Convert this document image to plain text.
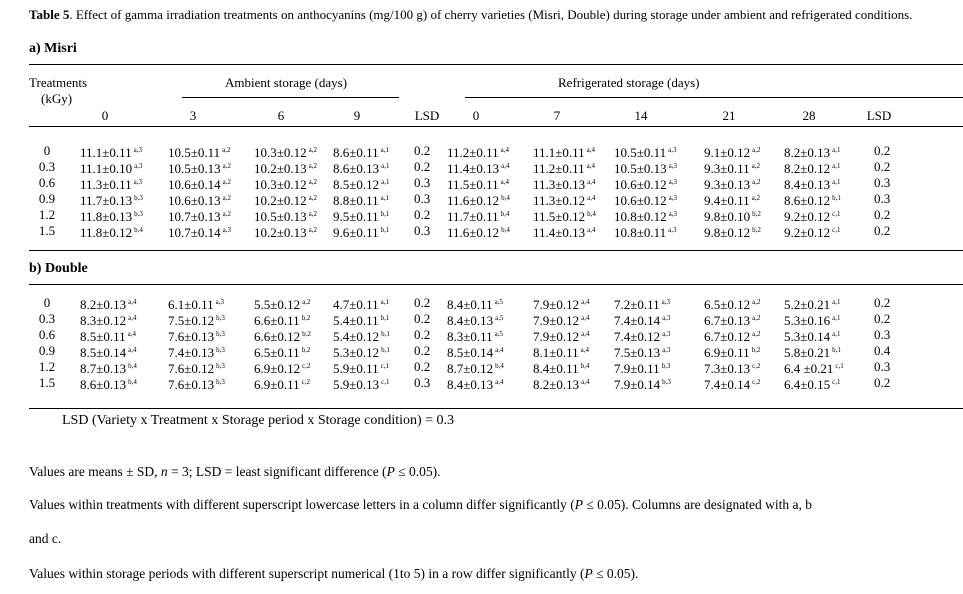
Table 5. Effect of gamma irradiation treatments on anthocyanins (mg/100 g) of cherry varieties (Misri, Double) during storage under ambient and refrigerated conditions.
a) Misri
Treatments
(kGy)
Ambient storage (days)	Refrigerated storage (days)
0	3	6	9	LSD	0	7	14	21	28	LSD
0 11.1±0.11 $^{a,3}$ 10.5±0.11 $^{a,2}$ 10.3±0.12 $^{a,2}$ 8.6±0.11 $^{a,1}$ 0.2 11.2±0.11 $^{a,4}$ 11.1±0.11 $^{a,4}$ 10.5±0.11 $^{a,3}$ 9.1±0.12 $^{a,2}$ 8.2±0.13 $^{a,1}$	0.2
0.3 11.1±0.10 $^{a,3}$ 10.5±0.13 $^{a,2}$ 10.2±0.13 $^{a,2}$ 8.6±0.13 $^{a,1}$ 0.2 11.4±0.13 $^{a,4}$ 11.2±0.11 $^{a,4}$ 10.5±0.13 $^{a,3}$ 9.3±0.11 $^{a,2}$ 8.2±0.12 $^{a,1}$	0.2
0.6 11.3±0.11 $^{a,3}$ 10.6±0.14 $^{a,2}$ 10.3±0.12 $^{a,2}$ 8.5±0.12 $^{a,1}$ 0.3 11.5±0.11 $^{a,4}$ 11.3±0.13 $^{a,4}$ 10.6±0.12 $^{a,3}$ 9.3±0.13 $^{a,2}$ 8.4±0.13 $^{a,1}$	0.3
0.9 11.7±0.13 $^{b,3}$ 10.6±0.13 $^{a,2}$ 10.2±0.12 $^{a,2}$ 8.8±0.11 $^{a,1}$ 0.3 11.6±0.12 $^{b,4}$ 11.3±0.12 $^{a,4}$ 10.6±0.12 $^{a,3}$ 9.4±0.11 $^{a,2}$ 8.6±0.12 $^{b,1}$	0.3
1.2 11.8±0.13 $^{b,3}$ 10.7±0.13 $^{a,2}$ 10.5±0.13 $^{a,2}$ 9.5±0.11 $^{b,1}$ 0.2 11.7±0.11 $^{b,4}$ 11.5±0.12 $^{b,4}$ 10.8±0.12 $^{a,3}$ 9.8±0.10 $^{b,2}$ 9.2±0.12 $^{c,1}$	0.2
1.5 11.8±0.12 $^{b,4}$ 10.7±0.14 $^{a,3}$ 10.2±0.13 $^{a,2}$ 9.6±0.11 $^{b,1}$ 0.3 11.6±0.12 $^{b,4}$ 11.4±0.13 $^{a,4}$ 10.8±0.11 $^{a,3}$ 9.8±0.12 $^{b,2}$ 9.2±0.12 $^{c,1}$	0.2
b) Double
0 8.2±0.13 $^{a,4}$ 6.1±0.11 $^{a,3}$ 5.5±0.12 $^{a,2}$ 4.7±0.11 $^{a,1}$ 0.2 8.4±0.11 $^{a,5}$ 7.9±0.12 $^{a,4}$ 7.2±0.11 $^{a,3}$	6.5±0.12 $^{a,2}$ 5.2±0.21 $^{a,1}$	0.2
0.3 8.3±0.12 $^{a,4}$ 7.5±0.12 $^{b,3}$ 6.6±0.11 $^{b,2}$ 5.4±0.11 $^{b,1}$ 0.2 8.4±0.13 $^{a,5}$ 7.9±0.12 $^{a,4}$ 7.4±0.14 $^{a,3}$	6.7±0.13 $^{a,2}$ 5.3±0.16 $^{a,1}$	0.2
0.6 8.5±0.11 $^{a,4}$ 7.6±0.13 $^{b,3}$ 6.6±0.12 $^{b,2}$ 5.4±0.12 $^{b,1}$ 0.2 8.3±0.11 $^{a,5}$ 7.9±0.12 $^{a,4}$ 7.4±0.12 $^{a,3}$	6.7±0.12 $^{a,2}$ 5.3±0.14 $^{a,1}$	0.3
0.9 8.5±0.14 $^{a,4}$ 7.4±0.13 $^{b,3}$ 6.5±0.11 $^{b,2}$ 5.3±0.12 $^{b,1}$ 0.2 8.5±0.14 $^{a,4}$ 8.1±0.11 $^{a,4}$ 7.5±0.13 $^{a,3}$	6.9±0.11 $^{b,2}$ 5.8±0.21 $^{b,1}$	0.4
1.2 8.7±0.13 $^{b,4}$ 7.6±0.12 $^{b,3}$ 6.9±0.12 $^{c,2}$ 5.9±0.11 $^{c,1}$ 0.2 8.7±0.12 $^{b,4}$ 8.4±0.11 $^{b,4}$ 7.9±0.11 $^{b,3}$	7.3±0.13 $^{c,2}$ 6.4 ±0.21 $^{c,1}$ 0.3
1.5 8.6±0.13 $^{b,4}$ 7.6±0.13 $^{b,3}$ 6.9±0.11 $^{c,2}$ 5.9±0.13 $^{c,1}$ 0.3 8.4±0.13 $^{a,4}$ 8.2±0.13 $^{a,4}$ 7.9±0.14 $^{b,3}$	7.4±0.14 $^{c,2}$ 6.4±0.15 $^{c,1}$	0.2
LSD (Variety x Treatment x Storage period x Storage condition) = 0.3
Values are means ± SD, n = 3; LSD = least significant difference (P ≤ 0.05).
Values within treatments with different superscript lowercase letters in a column differ significantly (P ≤ 0.05). Columns are designated with a, b
and c.
Values within storage periods with different superscript numerical (1to 5) in a row differ significantly (P ≤ 0.05).
